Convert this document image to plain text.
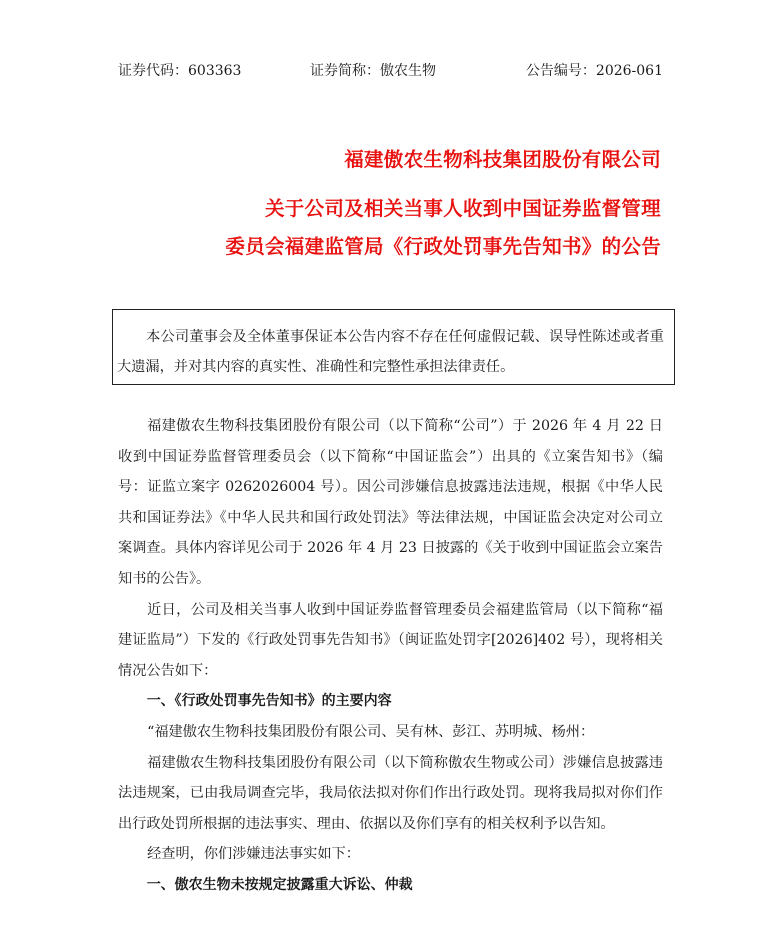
证券代码：603363	证券简称：傲农生物	公告编号：2026-061
福建傲农生物科技集团股份有限公司
关于公司及相关当事人收到中国证券监督管理
委员会福建监管局《行政处罚事先告知书》的公告

本公司董事会及全体董事保证本公告内容不存在任何虚假记载、误导性陈述或者重大遗漏，并对其内容的真实性、准确性和完整性承担法律责任。

福建傲农生物科技集团股份有限公司（以下简称“公司”）于 2026 年 4 月 22 日收到中国证券监督管理委员会（以下简称“中国证监会”）出具的《立案告知书》（编号：证监立案字 0262026004 号）。因公司涉嫌信息披露违法违规，根据《中华人民共和国证券法》《中华人民共和国行政处罚法》等法律法规，中国证监会决定对公司立案调查。具体内容详见公司于 2026 年 4 月 23 日披露的《关于收到中国证监会立案告知书的公告》。

近日，公司及相关当事人收到中国证券监督管理委员会福建监管局（以下简称“福建证监局”）下发的《行政处罚事先告知书》（闽证监处罚字[2026]402 号），现将相关情况公告如下：

一、《行政处罚事先告知书》的主要内容

“福建傲农生物科技集团股份有限公司、吴有林、彭江、苏明城、杨州：

福建傲农生物科技集团股份有限公司（以下简称傲农生物或公司）涉嫌信息披露违法违规案，已由我局调查完毕，我局依法拟对你们作出行政处罚。现将我局拟对你们作出行政处罚所根据的违法事实、理由、依据以及你们享有的相关权利予以告知。

经查明，你们涉嫌违法事实如下：

一、傲农生物未按规定披露重大诉讼、仲裁
